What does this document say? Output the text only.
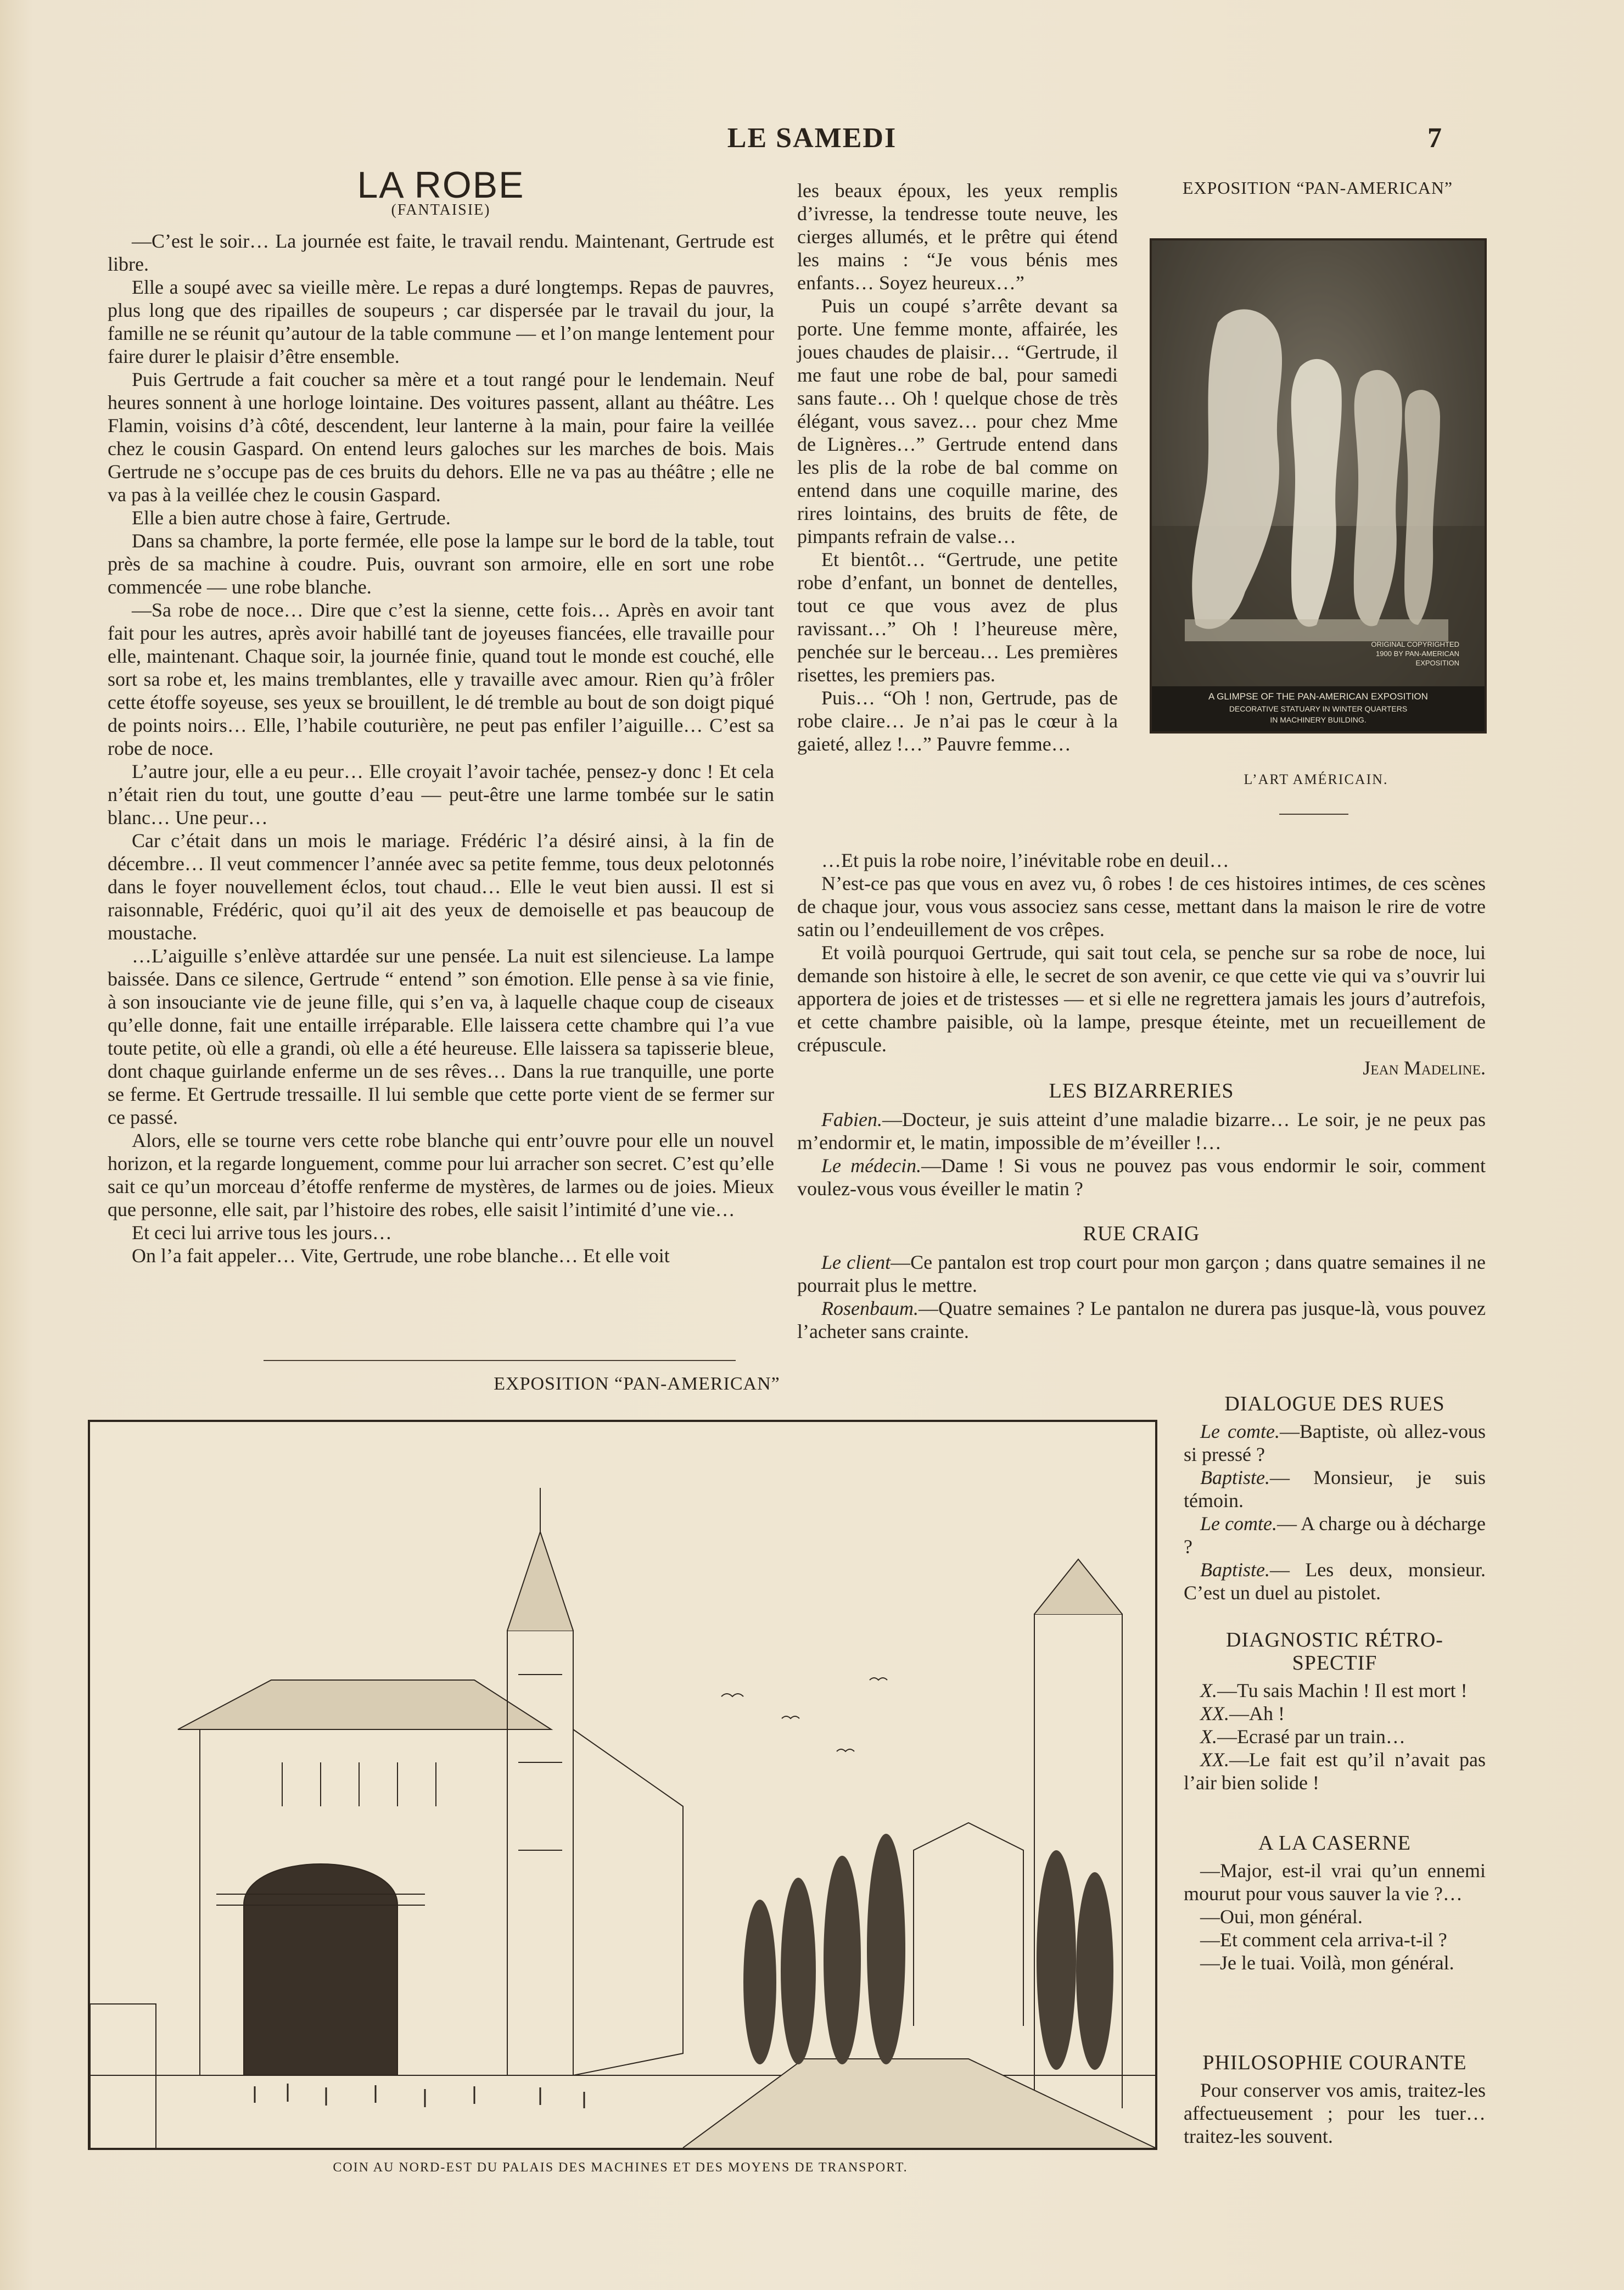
LE SAMEDI	7
LA ROBE
(FANTAISIE)

—C’est le soir… La journée est faite, le travail rendu. Maintenant, Gertrude est libre.

Elle a soupé avec sa vieille mère. Le repas a duré longtemps. Repas de pauvres, plus long que des ripailles de soupeurs ; car dispersée par le travail du jour, la famille ne se réunit qu’autour de la table commune — et l’on mange lentement pour faire durer le plaisir d’être ensemble.

Puis Gertrude a fait coucher sa mère et a tout rangé pour le lendemain. Neuf heures sonnent à une horloge lointaine. Des voitures passent, allant au théâtre. Les Flamin, voisins d’à côté, descendent, leur lanterne à la main, pour faire la veillée chez le cousin Gaspard. On entend leurs galoches sur les marches de bois. Mais Gertrude ne s’occupe pas de ces bruits du dehors. Elle ne va pas au théâtre ; elle ne va pas à la veillée chez le cousin Gaspard.

Elle a bien autre chose à faire, Gertrude.

Dans sa chambre, la porte fermée, elle pose la lampe sur le bord de la table, tout près de sa machine à coudre. Puis, ouvrant son armoire, elle en sort une robe commencée — une robe blanche.

—Sa robe de noce… Dire que c’est la sienne, cette fois… Après en avoir tant fait pour les autres, après avoir habillé tant de joyeuses fiancées, elle travaille pour elle, maintenant. Chaque soir, la journée finie, quand tout le monde est couché, elle sort sa robe et, les mains tremblantes, elle y travaille avec amour. Rien qu’à frôler cette étoffe soyeuse, ses yeux se brouillent, le dé tremble au bout de son doigt piqué de points noirs… Elle, l’habile couturière, ne peut pas enfiler l’aiguille… C’est sa robe de noce.

L’autre jour, elle a eu peur… Elle croyait l’avoir tachée, pensez-y donc ! Et cela n’était rien du tout, une goutte d’eau — peut-être une larme tombée sur le satin blanc… Une peur…

Car c’était dans un mois le mariage. Frédéric l’a désiré ainsi, à la fin de décembre… Il veut commencer l’année avec sa petite femme, tous deux pelotonnés dans le foyer nouvellement éclos, tout chaud… Elle le veut bien aussi. Il est si raisonnable, Frédéric, quoi qu’il ait des yeux de demoiselle et pas beaucoup de moustache.

…L’aiguille s’enlève attardée sur une pensée. La nuit est silencieuse. La lampe baissée. Dans ce silence, Gertrude “ entend ” son émotion. Elle pense à sa vie finie, à son insouciante vie de jeune fille, qui s’en va, à laquelle chaque coup de ciseaux qu’elle donne, fait une entaille irréparable. Elle laissera cette chambre qui l’a vue toute petite, où elle a grandi, où elle a été heureuse. Elle laissera sa tapisserie bleue, dont chaque guirlande enferme un de ses rêves… Dans la rue tranquille, une porte se ferme. Et Gertrude tressaille. Il lui semble que cette porte vient de se fermer sur ce passé.

Alors, elle se tourne vers cette robe blanche qui entr’ouvre pour elle un nouvel horizon, et la regarde longuement, comme pour lui arracher son secret. C’est qu’elle sait ce qu’un morceau d’étoffe renferme de mystères, de larmes ou de joies. Mieux que personne, elle sait, par l’histoire des robes, elle saisit l’intimité d’une vie…

Et ceci lui arrive tous les jours…

On l’a fait appeler… Vite, Gertrude, une robe blanche… Et elle voit

les beaux époux, les yeux remplis d’ivresse, la tendresse toute neuve, les cierges allumés, et le prêtre qui étend les mains : “Je vous bénis mes enfants… Soyez heureux…”

Puis un coupé s’arrête devant sa porte. Une femme monte, affairée, les joues chaudes de plaisir… “Gertrude, il me faut une robe de bal, pour samedi sans faute… Oh ! quelque chose de très élégant, vous savez… pour chez Mme de Lignères…” Gertrude entend dans les plis de la robe de bal comme on entend dans une coquille marine, des rires lointains, des bruits de fête, de pimpants refrain de valse…

Et bientôt… “Gertrude, une petite robe d’enfant, un bonnet de dentelles, tout ce que vous avez de plus ravissant…” Oh ! l’heureuse mère, penchée sur le berceau… Les premières risettes, les premiers pas.

Puis… “Oh ! non, Gertrude, pas de robe claire… Je n’ai pas le cœur à la gaieté, allez !…” Pauvre femme…

EXPOSITION “PAN-AMERICAN”
ORIGINAL COPYRIGHTED
1900 BY PAN-AMERICAN
EXPOSITION
A GLIMPSE OF THE PAN-AMERICAN EXPOSITION
DECORATIVE STATUARY IN WINTER QUARTERS
IN MACHINERY BUILDING.
L’ART AMÉRICAIN.

…Et puis la robe noire, l’inévitable robe en deuil…

N’est-ce pas que vous en avez vu, ô robes ! de ces histoires intimes, de ces scènes de chaque jour, vous vous associez sans cesse, mettant dans la maison le rire de votre satin ou l’endeuillement de vos crêpes.

Et voilà pourquoi Gertrude, qui sait tout cela, se penche sur sa robe de noce, lui demande son histoire à elle, le secret de son avenir, ce que cette vie qui va s’ouvrir lui apportera de joies et de tristesses — et si elle ne regrettera jamais les jours d’autrefois, et cette chambre paisible, où la lampe, presque éteinte, met un recueillement de crépuscule.

Jean Madeline.
LES BIZARRERIES

Fabien.—Docteur, je suis atteint d’une maladie bizarre… Le soir, je ne peux pas m’endormir et, le matin, impossible de m’éveiller !…

Le médecin.—Dame ! Si vous ne pouvez pas vous endormir le soir, comment voulez-vous vous éveiller le matin ?

RUE CRAIG

Le client—Ce pantalon est trop court pour mon garçon ; dans quatre semaines il ne pourrait plus le mettre.

Rosenbaum.—Quatre semaines ? Le pantalon ne durera pas jusque-là, vous pouvez l’acheter sans crainte.

EXPOSITION “PAN-AMERICAN”
COIN AU NORD-EST DU PALAIS DES MACHINES ET DES MOYENS DE TRANSPORT.
DIALOGUE DES RUES

Le comte.—Baptiste, où allez-vous si pressé ?

Baptiste.— Monsieur, je suis témoin.

Le comte.— A charge ou à décharge ?

Baptiste.— Les deux, monsieur. C’est un duel au pistolet.

DIAGNOSTIC RÉTRO-SPECTIF

X.—Tu sais Machin ! Il est mort !

XX.—Ah !

X.—Ecrasé par un train…

XX.—Le fait est qu’il n’avait pas l’air bien solide !

A LA CASERNE

—Major, est-il vrai qu’un ennemi mourut pour vous sauver la vie ?…

—Oui, mon général.

—Et comment cela arriva-t-il ?

—Je le tuai. Voilà, mon général.

PHILOSOPHIE COURANTE

Pour conserver vos amis, traitez-les affectueusement ; pour les tuer… traitez-les souvent.
